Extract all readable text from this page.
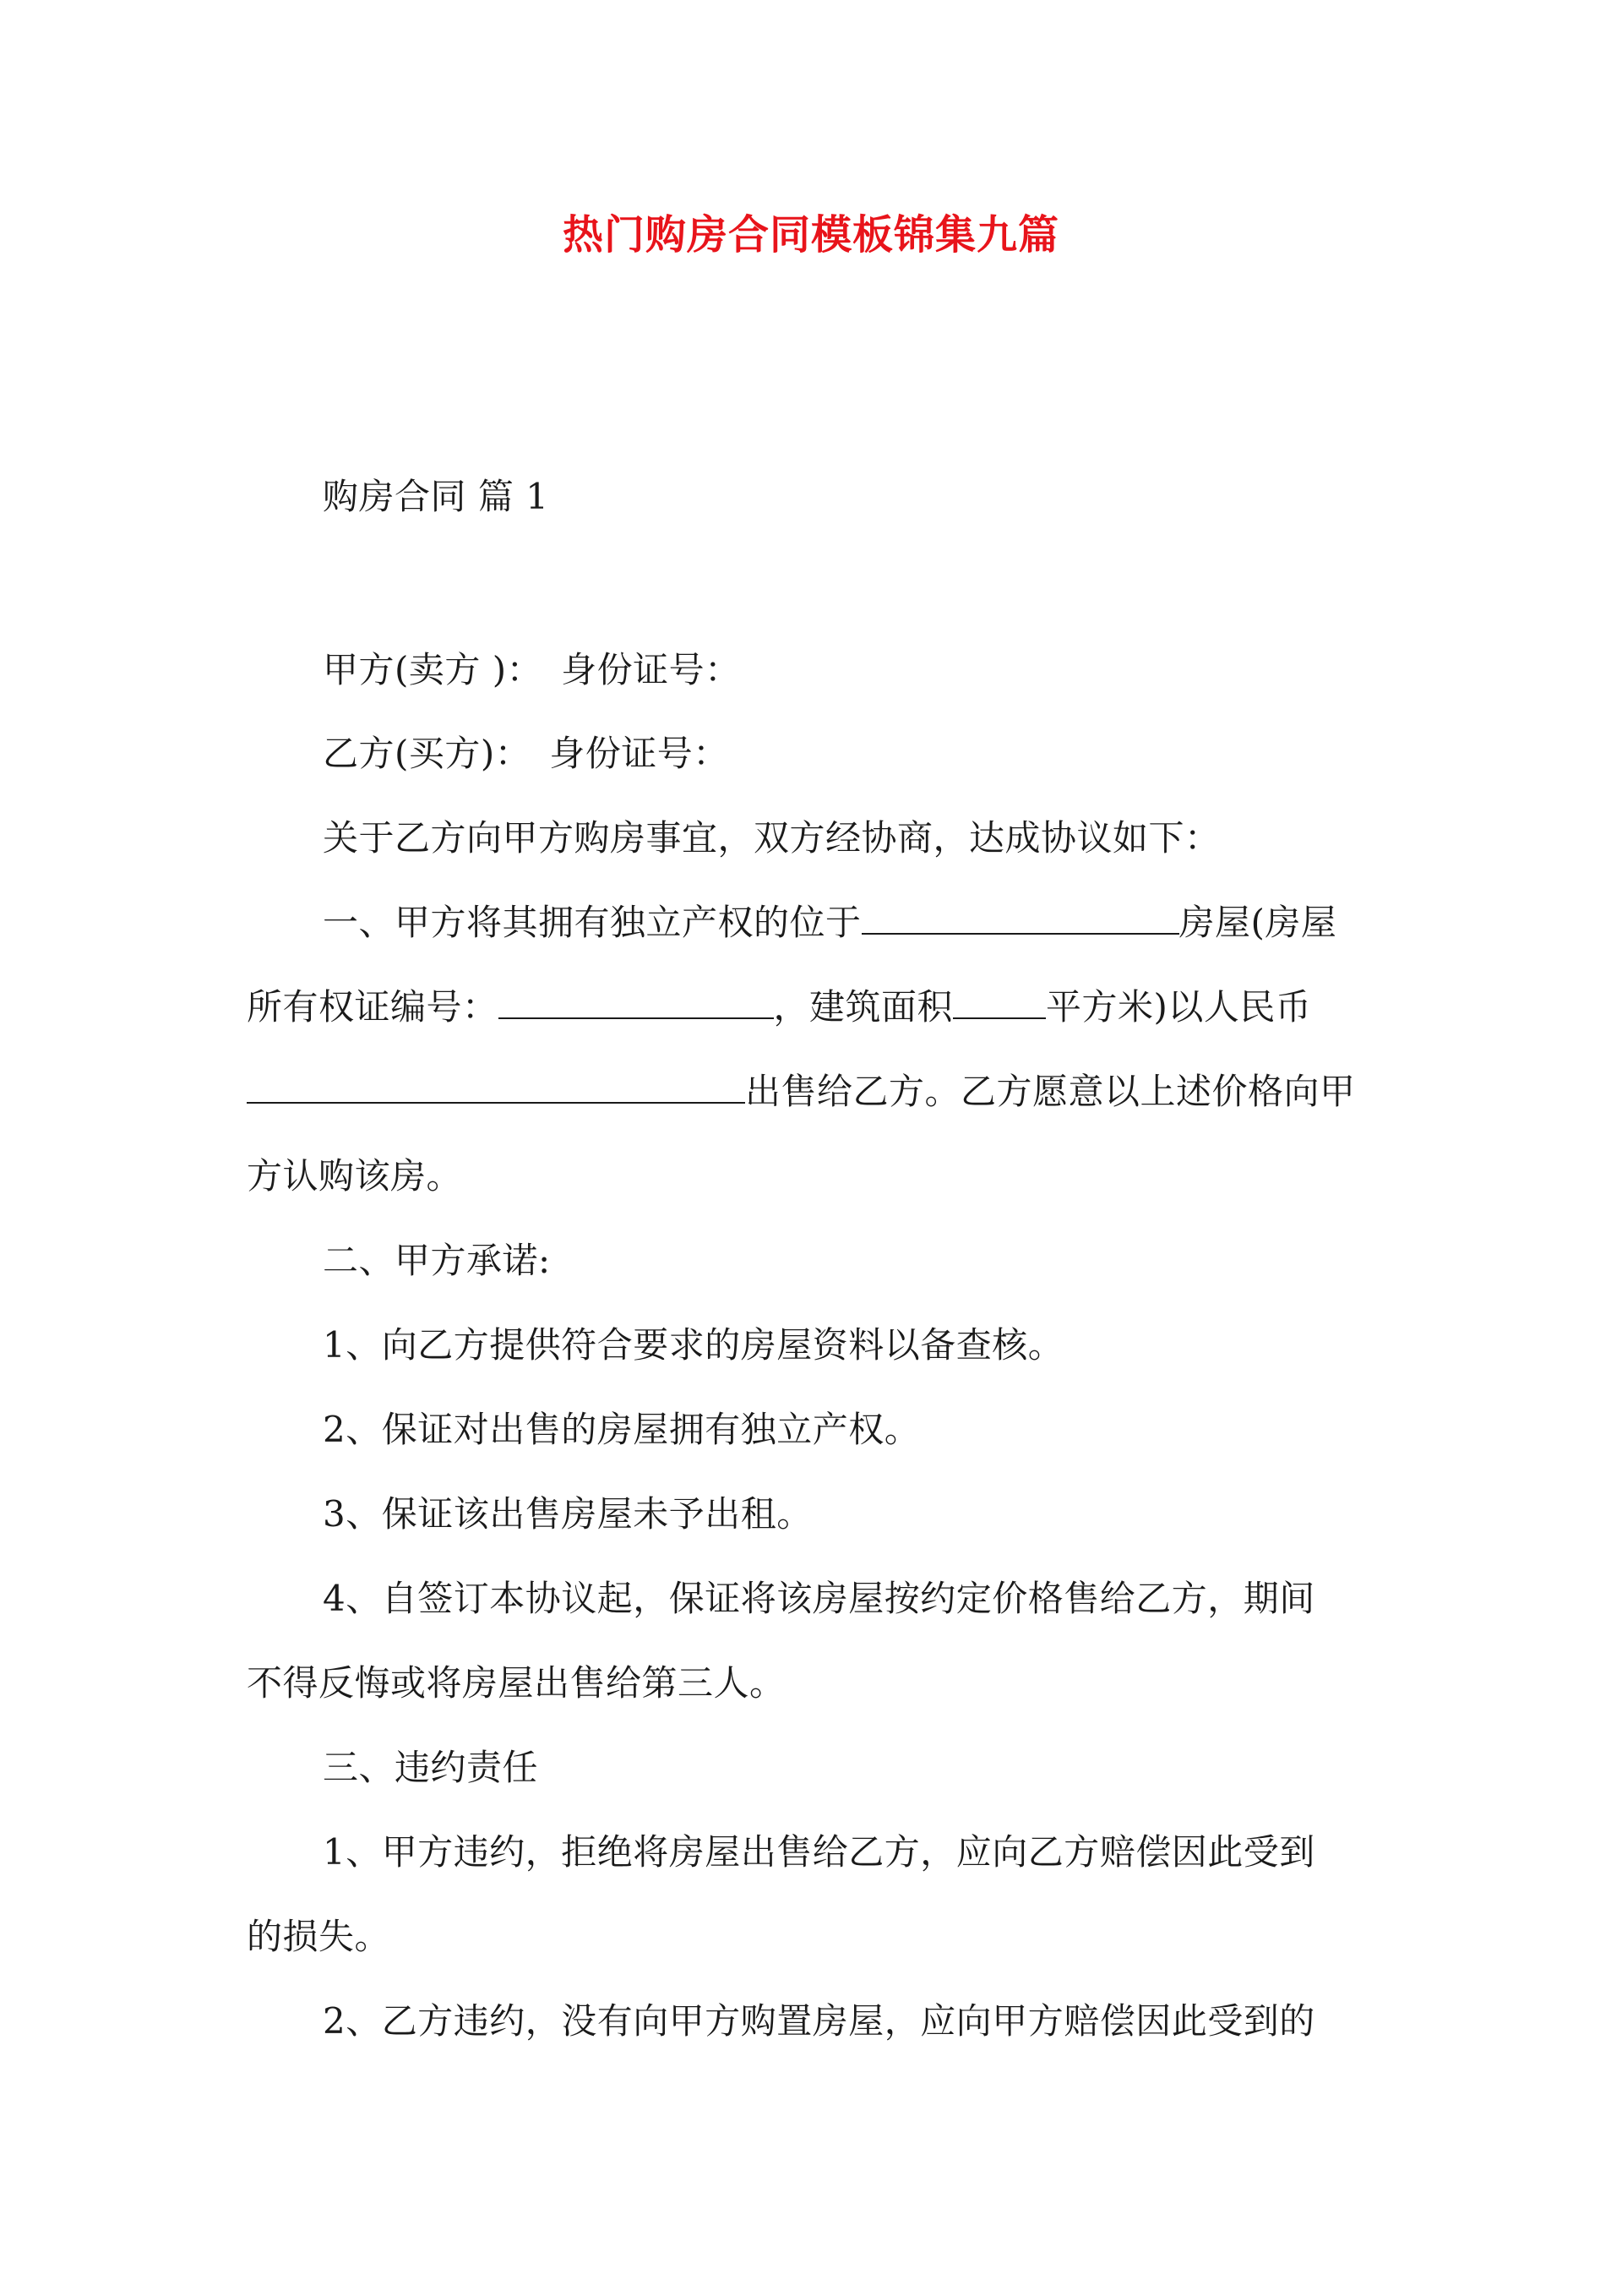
热门购房合同模板锦集九篇
购房合同 篇 1
甲方(卖方 )： 身份证号：
乙方(买方)： 身份证号：
关于乙方向甲方购房事宜，双方经协商，达成协议如下：
一、甲方将其拥有独立产权的位于	房屋(房屋
所有权证编号：	，建筑面积	平方米)以人民币
出售给乙方。乙方愿意以上述价格向甲
方认购该房。
二、甲方承诺:
1、向乙方提供符合要求的房屋资料以备查核。
2、保证对出售的房屋拥有独立产权。
3、保证该出售房屋未予出租。
4、自签订本协议起，保证将该房屋按约定价格售给乙方，期间
不得反悔或将房屋出售给第三人。
三、违约责任
1、甲方违约，拒绝将房屋出售给乙方，应向乙方赔偿因此受到
的损失。
2、乙方违约，没有向甲方购置房屋，应向甲方赔偿因此受到的
